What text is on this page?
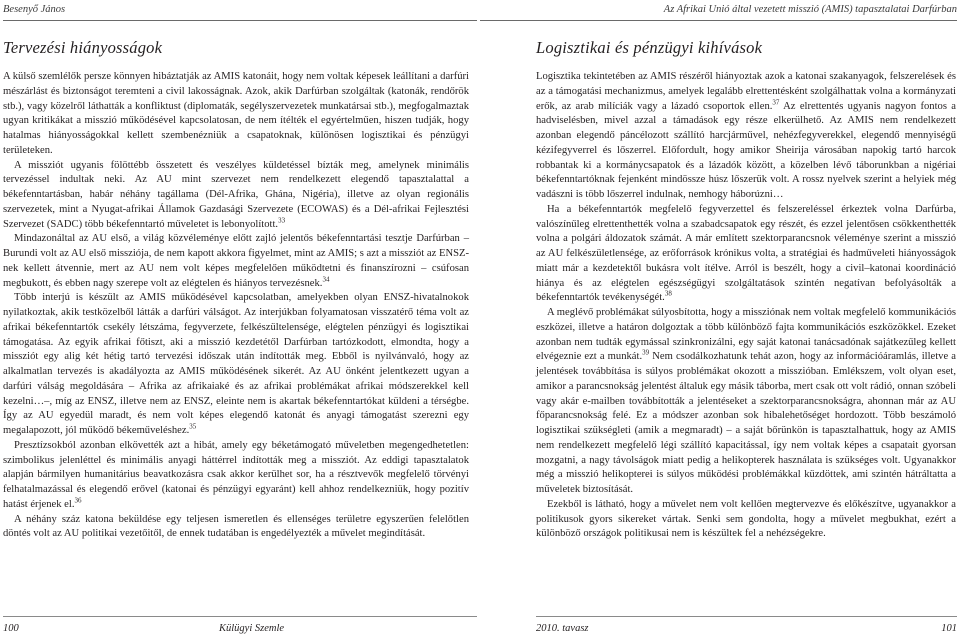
Besenyő János
Tervezési hiányosságok

A külső szemlélők persze könnyen hibáztatják az AMIS katonáit, hogy nem voltak képesek leállítani a darfúri mészárlást és biztonságot teremteni a civil lakosságnak. Azok, akik Darfúrban szolgáltak (katonák, rendőrök stb.), vagy közelről láthatták a konfliktust (diplomaták, segélyszervezetek munkatársai stb.), megfogalmaztak ugyan kritikákat a misszió működésével kapcsolatosan, de nem ítélték el egyértelműen, hiszen tudják, hogy hatalmas hiányosságokkal kellett szembenézniük a csapatoknak, különösen logisztikai és pénzügyi területeken.

A missziót ugyanis fölöttébb összetett és veszélyes küldetéssel bízták meg, amelynek minimális tervezéssel indultak neki. Az AU mint szervezet nem rendelkezett elegendő tapasztalattal a békefenntartásban, habár néhány tagállama (Dél-Afrika, Ghána, Nigéria), illetve az olyan regionális szervezetek, mint a Nyugat-afrikai Államok Gazdasági Szervezete (ECOWAS) és a Dél-afrikai Fejlesztési Szervezet (SADC) több békefenntartó műveletet is lebonyolított.$^{33}$

Mindazonáltal az AU első, a világ közvéleménye előtt zajló jelentős békefenntartási tesztje Darfúrban – Burundi volt az AU első missziója, de nem kapott akkora figyelmet, mint az AMIS; s azt a missziót az ENSZ-nek kellett átvennie, mert az AU nem volt képes megfelelően működtetni és finanszírozni – csúfosan megbukott, és ebben nagy szerepe volt az elégtelen és hiányos tervezésnek.$^{34}$

Több interjú is készült az AMIS működésével kapcsolatban, amelyekben olyan ENSZ-hivatalnokok nyilatkoztak, akik testközelből látták a darfúri válságot. Az interjúkban folyamatosan visszatérő téma volt az afrikai békefenntartók csekély létszáma, fegyverzete, felkészültelensége, elégtelen pénzügyi és logisztikai támogatása. Az egyik afrikai főtiszt, aki a misszió kezdetétől Darfúrban tartózkodott, elmondta, hogy a missziót egy alig két hétig tartó tervezési időszak után indították meg. Ebből is nyilvánvaló, hogy az alkalmatlan tervezés is akadályozta az AMIS működésének sikerét. Az AU önként jelentkezett ugyan a darfúri válság megoldására – Afrika az afrikaiaké és az afrikai problémákat afrikai módszerekkel kell kezelni…–, míg az ENSZ, illetve nem az ENSZ, eleinte nem is akartak békefenntartókat küldeni a térségbe. Így az AU egyedül maradt, és nem volt képes elegendő katonát és anyagi támogatást szerezni egy megalapozott, jól működő békeműveléshez.$^{35}$

Presztízsokból azonban elkövették azt a hibát, amely egy béketámogató műveletben megengedhetetlen: szimbolikus jelenléttel és minimális anyagi háttérrel indították meg a missziót. Az eddigi tapasztalatok alapján bármilyen humanitárius beavatkozásra csak akkor kerülhet sor, ha a résztvevők megfelelő törvényi felhatalmazással és elegendő erővel (katonai és pénzügyi egyaránt) kell ahhoz rendelkezniük, hogy pozitív hatást érjenek el.$^{36}$

A néhány száz katona beküldése egy teljesen ismeretlen és ellenséges területre egyszerűen felelőtlen döntés volt az AU politikai vezetőitől, de ennek tudatában is engedélyezték a művelet megindítását.

100	Külügyi Szemle
Az Afrikai Unió által vezetett misszió (AMIS) tapasztalatai Darfúrban
Logisztikai és pénzügyi kihívások

Logisztika tekintetében az AMIS részéről hiányoztak azok a katonai szakanyagok, felszerelések és az a támogatási mechanizmus, amelyek legalább elrettentésként szolgálhattak volna a kormányzati erők, az arab milíciák vagy a lázadó csoportok ellen.$^{37}$ Az elrettentés ugyanis nagyon fontos a hadviselésben, mivel azzal a támadások egy része elkerülhető. Az AMIS nem rendelkezett azonban elegendő páncélozott szállító harcjárművel, nehézfegyverekkel, elegendő mennyiségű kézifegyverrel és lőszerrel. Előfordult, hogy amikor Sheirija városában napokig tartó harcok robbantak ki a kormánycsapatok és a lázadók között, a közelben lévő táborunkban a nigériai békefenntartóknak fejenként mindössze húsz lőszerük volt. A rossz nyelvek szerint a helyiek még vadászni is több lőszerrel indulnak, nemhogy háborúzni…

Ha a békefenntartók megfelelő fegyverzettel és felszereléssel érkeztek volna Darfúrba, valószínűleg elrettenthették volna a szabadcsapatok egy részét, és ezzel jelentősen csökkenthették volna a polgári áldozatok számát. A már említett szektorparancsnok véleménye szerint a misszió az AU felkészületlensége, az erőforrások krónikus volta, a stratégiai és hadműveleti hiányosságok miatt már a kezdetektől bukásra volt ítélve. Arról is beszélt, hogy a civil–katonai koordináció hiánya és az elégtelen egészségügyi szolgáltatások szintén negatívan befolyásolták a békefenntartók tevékenységét.$^{38}$

A meglévő problémákat súlyosbította, hogy a missziónak nem voltak megfelelő kommunikációs eszközei, illetve a határon dolgoztak a több különböző fajta kommunikációs eszközökkel. Ezeket azonban nem tudták egymással szinkronizálni, egy saját katonai tanácsadónak sajátkezűleg kellett elvégeznie ezt a munkát.$^{39}$ Nem csodálkozhatunk tehát azon, hogy az információáramlás, illetve a jelentések továbbítása is súlyos problémákat okozott a misszióban. Emlékszem, volt olyan eset, amikor a parancsnokság jelentést általuk egy másik táborba, mert csak ott volt rádió, onnan szóbeli vagy akár e-mailben továbbították a jelentéseket a szektorparancsnokságra, ahonnan már az AU főparancsnokság felé. Ez a módszer azonban sok hibalehetőséget hordozott. Több beszámoló logisztikai szükségleti (amik a megmaradt) – a saját bőrünkön is tapasztalhattuk, hogy az AMIS nem rendelkezett megfelelő légi szállító kapacitással, így nem voltak képes a csapatait gyorsan mozgatni, a nagy távolságok miatt pedig a helikopterek használata is szükséges volt. Ugyanakkor még a misszió helikopterei is súlyos működési problémákkal küzdöttek, ami szintén hátráltatta a műveletek biztosítását.

Ezekből is látható, hogy a művelet nem volt kellően megtervezve és előkészítve, ugyanakkor a politikusok gyors sikereket vártak. Senki sem gondolta, hogy a művelet megbukhat, ezért a különböző országok politikusai nem is készültek fel a nehézségekre.

2010. tavasz	101
